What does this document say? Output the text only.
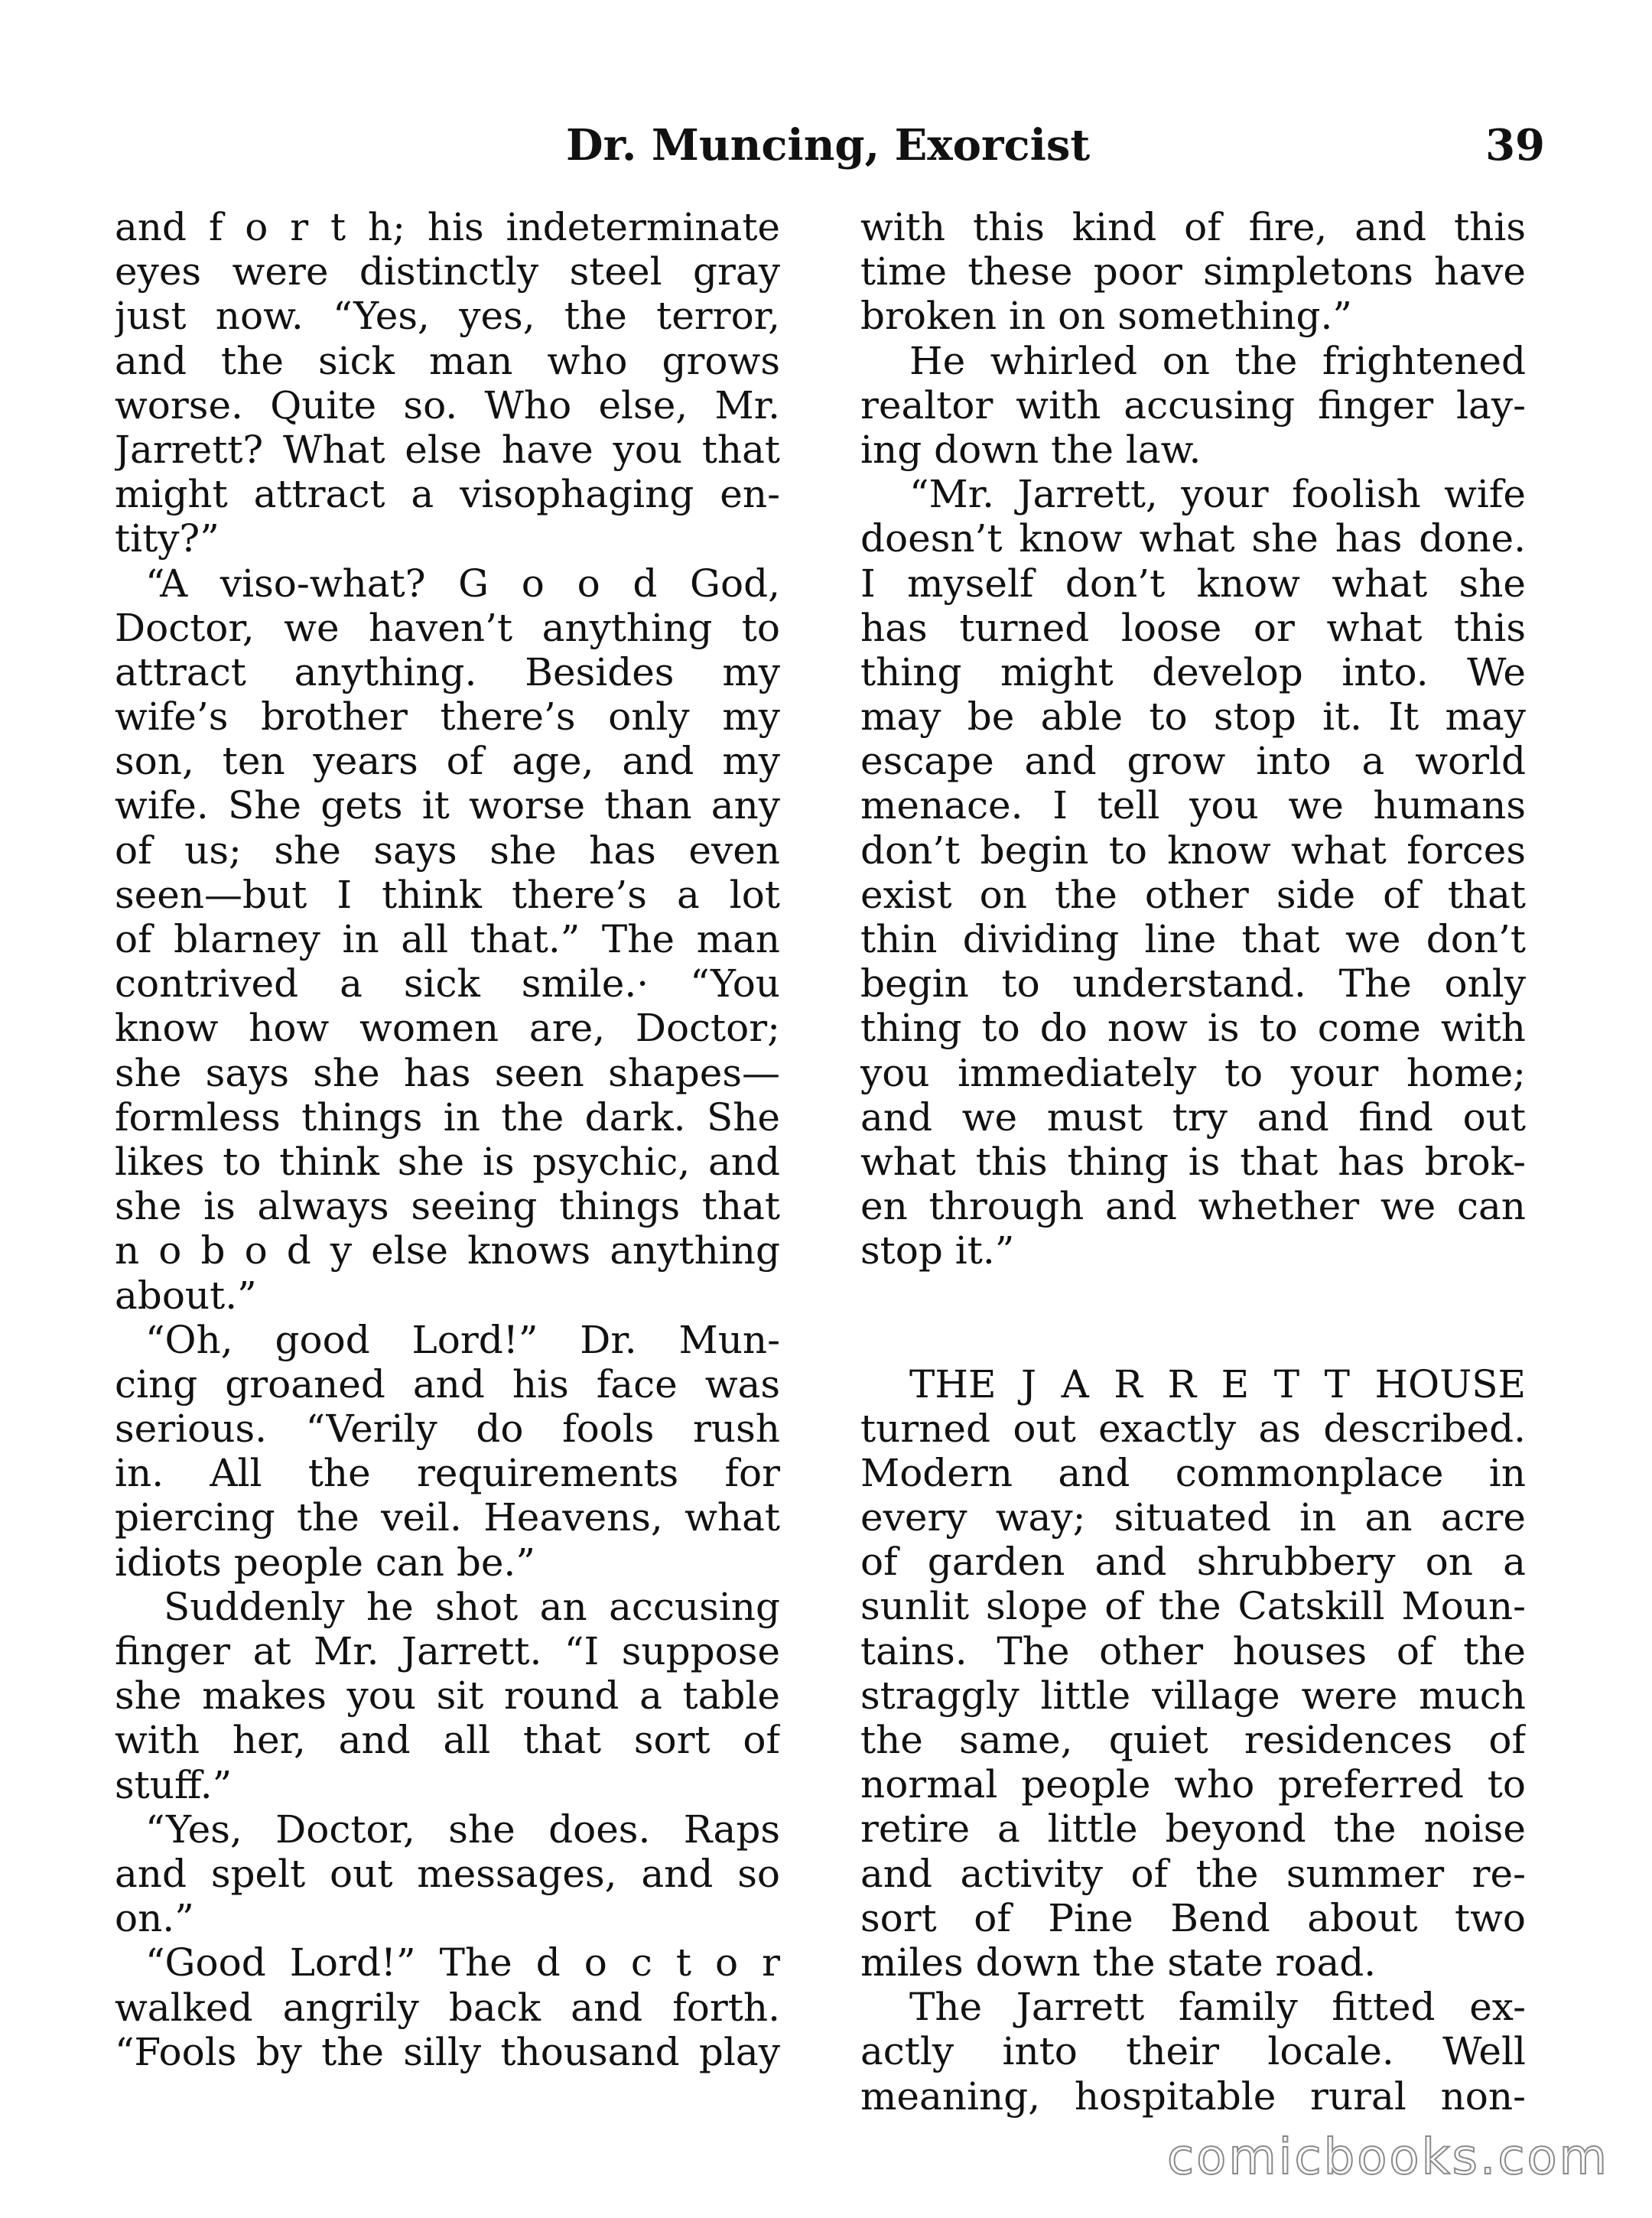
Dr. Muncing, Exorcist	39
and f o r t h; his indeterminate
eyes were distinctly steel gray
just now. “Yes, yes, the terror,
and the sick man who grows
worse. Quite so. Who else, Mr.
Jarrett? What else have you that
might attract a visophaging en-
tity?”
“A viso-what? G o o d God,
Doctor, we haven’t anything to
attract anything. Besides my
wife’s brother there’s only my
son, ten years of age, and my
wife. She gets it worse than any
of us; she says she has even
seen—but I think there’s a lot
of blarney in all that.” The man
contrived a sick smile.· “You
know how women are, Doctor;
she says she has seen shapes—
formless things in the dark. She
likes to think she is psychic, and
she is always seeing things that
n o b o d y else knows anything
about.”
“Oh, good Lord!” Dr. Mun-
cing groaned and his face was
serious. “Verily do fools rush
in. All the requirements for
piercing the veil. Heavens, what
idiots people can be.”
Suddenly he shot an accusing
finger at Mr. Jarrett. “I suppose
she makes you sit round a table
with her, and all that sort of
stuff.”
“Yes, Doctor, she does. Raps
and spelt out messages, and so
on.”
“Good Lord!” The d o c t o r
walked angrily back and forth.
“Fools by the silly thousand play
with this kind of fire, and this
time these poor simpletons have
broken in on something.”
He whirled on the frightened
realtor with accusing finger lay-
ing down the law.
“Mr. Jarrett, your foolish wife
doesn’t know what she has done.
I myself don’t know what she
has turned loose or what this
thing might develop into. We
may be able to stop it. It may
escape and grow into a world
menace. I tell you we humans
don’t begin to know what forces
exist on the other side of that
thin dividing line that we don’t
begin to understand. The only
thing to do now is to come with
you immediately to your home;
and we must try and find out
what this thing is that has brok-
en through and whether we can
stop it.”
THE J A R R E T T HOUSE
turned out exactly as described.
Modern and commonplace in
every way; situated in an acre
of garden and shrubbery on a
sunlit slope of the Catskill Moun-
tains. The other houses of the
straggly little village were much
the same, quiet residences of
normal people who preferred to
retire a little beyond the noise
and activity of the summer re-
sort of Pine Bend about two
miles down the state road.
The Jarrett family fitted ex-
actly into their locale. Well
meaning, hospitable rural non-
comicbooks.com
